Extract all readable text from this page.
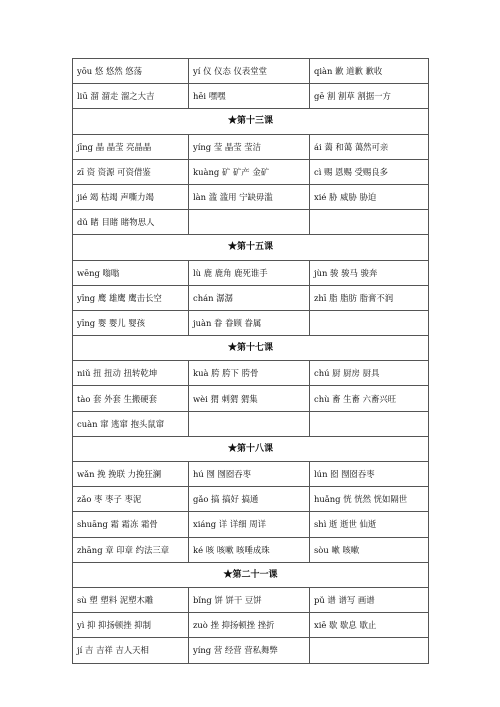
yōu 悠 悠然 悠荡	yí 仪 仪态 仪表堂堂	qiàn 歉 道歉 歉收
liū 溜 溜走 溜之大吉	hēi 嘿嘿	gē 割 割草 割据一方
★第十三课		
jīng 晶 晶莹 亮晶晶	yíng 莹 晶莹 莹洁	ái 蔼 和蔼 蔼然可亲
zī 资 资源 可资借鉴	kuàng 矿 矿产 金矿	cì 赐 恩赐 受赐良多
jié 竭 枯竭 声嘶力竭	làn 滥 滥用 宁缺毋滥	xié 胁 威胁 胁迫
dǔ 睹 目睹 睹物思人		
★第十五课		
wēng 嗡嗡	lù 鹿 鹿角 鹿死谁手	jùn 骏 骏马 骏奔
yīng 鹰 雄鹰 鹰击长空	chán 潺潺	zhī 脂 脂肪 脂膏不润
yīng 婴 婴儿 婴孩	juàn 眷 眷顾 眷属	
★第十七课		
niǔ 扭 扭动 扭转乾坤	kuà 胯 胯下 胯骨	chú 厨 厨房 厨具
tào 套 外套 生搬硬套	wèi 猬 刺猬 猬集	chù 畜 生畜 六畜兴旺
cuàn 窜 逃窜 抱头鼠窜		
★第十八课		
wǎn 挽 挽联 力挽狂澜	hú 囫 囫囵吞枣	lún 囵 囫囵吞枣
zǎo 枣 枣子 枣泥	gǎo 搞 搞好 搞通	huǎng 恍 恍然 恍如隔世
shuāng 霜 霜冻 霜骨	xiáng 详 详细 周详	shì 逝 逝世 仙逝
zhāng 章 印章 约法三章	ké 咳 咳嗽 咳唾成珠	sòu 嗽 咳嗽
★第二十一课		
sù 塑 塑料 泥塑木雕	bǐng 饼 饼干 豆饼	pǔ 谱 谱写 画谱
yì 抑 抑扬顿挫 抑制	zuò 挫 抑扬顿挫 挫折	xiē 歇 歇息 歇止
jí 吉 吉祥 吉人天相	yíng 营 经营 营私舞弊	
